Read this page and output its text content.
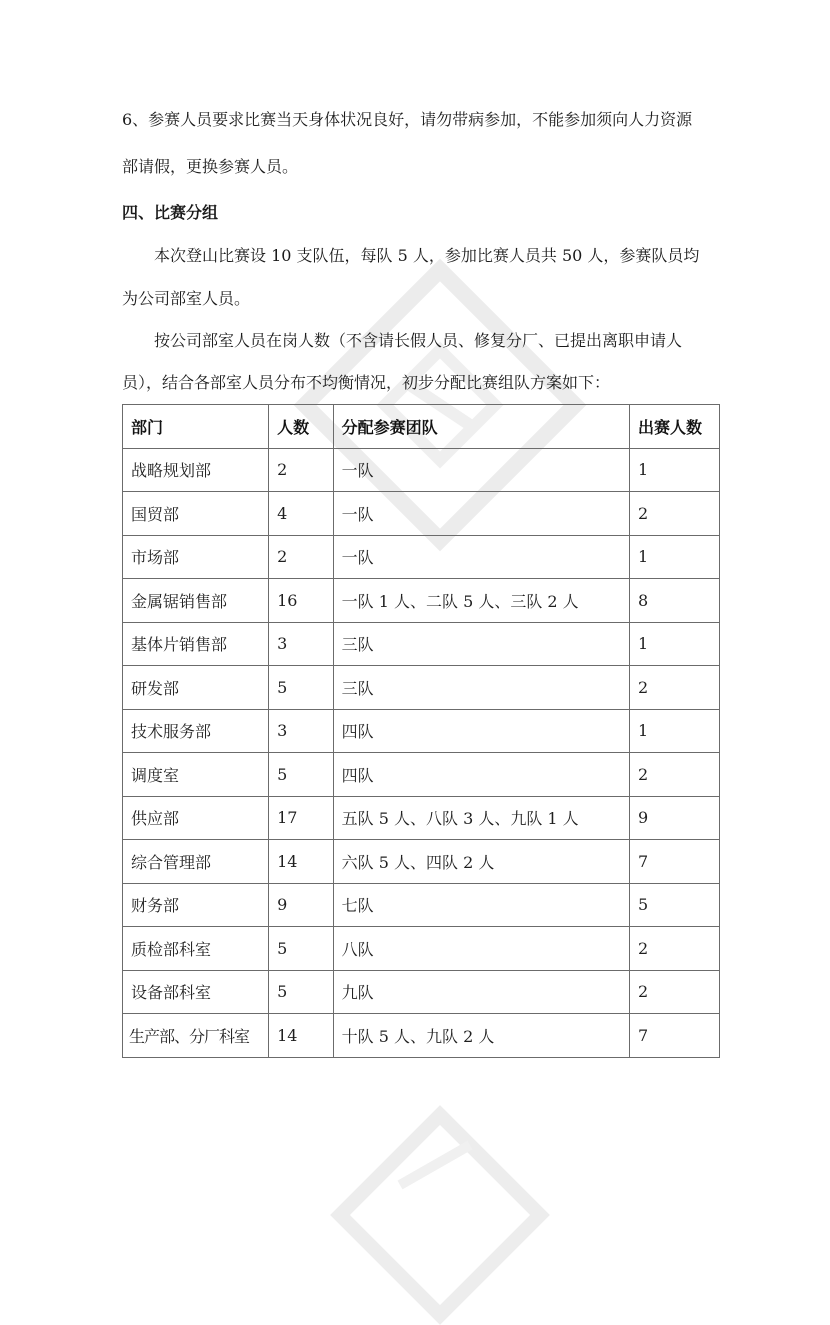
6、参赛人员要求比赛当天身体状况良好，请勿带病参加，不能参加须向人力资源
部请假，更换参赛人员。
四、比赛分组
本次登山比赛设 10 支队伍，每队 5 人，参加比赛人员共 50 人，参赛队员均
为公司部室人员。
按公司部室人员在岗人数（不含请长假人员、修复分厂、已提出离职申请人
员），结合各部室人员分布不均衡情况，初步分配比赛组队方案如下：
部门	人数	分配参赛团队	出赛人数
战略规划部	2	一队	1
国贸部	4	一队	2
市场部	2	一队	1
金属锯销售部	16	一队 1 人、二队 5 人、三队 2 人	8
基体片销售部	3	三队	1
研发部	5	三队	2
技术服务部	3	四队	1
调度室	5	四队	2
供应部	17	五队 5 人、八队 3 人、九队 1 人	9
综合管理部	14	六队 5 人、四队 2 人	7
财务部	9	七队	5
质检部科室	5	八队	2
设备部科室	5	九队	2
生产部、分厂科室	14	十队 5 人、九队 2 人	7
